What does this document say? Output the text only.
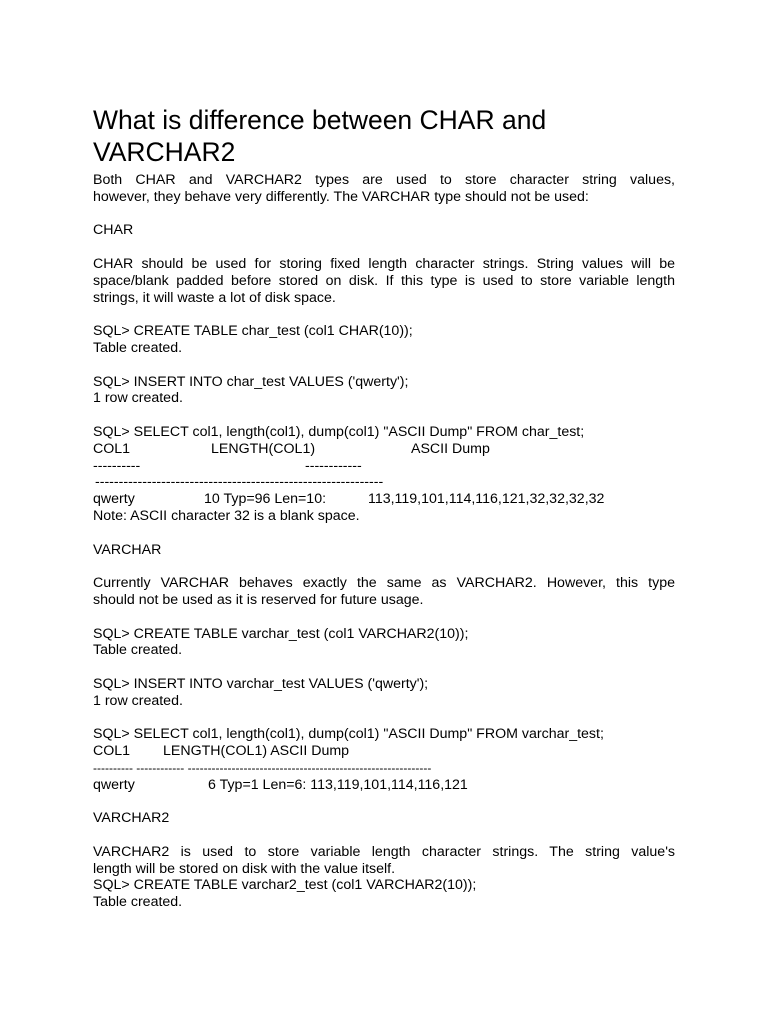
What is difference between CHAR and
VARCHAR2

Both CHAR and VARCHAR2 types are used to store character string values,
however, they behave very differently. The VARCHAR type should not be used:

CHAR

CHAR should be used for storing fixed length character strings. String values will be
space/blank padded before stored on disk. If this type is used to store variable length
strings, it will waste a lot of disk space.

SQL> CREATE TABLE char_test (col1 CHAR(10));

Table created.

SQL> INSERT INTO char_test VALUES ('qwerty');

1 row created.

SQL> SELECT col1, length(col1), dump(col1) "ASCII Dump" FROM char_test;

COL1	LENGTH(COL1)	ASCII Dump
----------	------------
-------------------------------------------------------------
qwerty	10 Typ=96 Len=10:	113,119,101,114,116,121,32,32,32,32

Note: ASCII character 32 is a blank space.

VARCHAR

Currently VARCHAR behaves exactly the same as VARCHAR2. However, this type
should not be used as it is reserved for future usage.

SQL> CREATE TABLE varchar_test (col1 VARCHAR2(10));

Table created.

SQL> INSERT INTO varchar_test VALUES ('qwerty');

1 row created.

SQL> SELECT col1, length(col1), dump(col1) "ASCII Dump" FROM varchar_test;

COL1 LENGTH(COL1) ASCII Dump
---------- ------------ -------------------------------------------------------------
qwerty	6 Typ=1 Len=6: 113,119,101,114,116,121

VARCHAR2

VARCHAR2 is used to store variable length character strings. The string value's
length will be stored on disk with the value itself.

SQL> CREATE TABLE varchar2_test (col1 VARCHAR2(10));

Table created.
